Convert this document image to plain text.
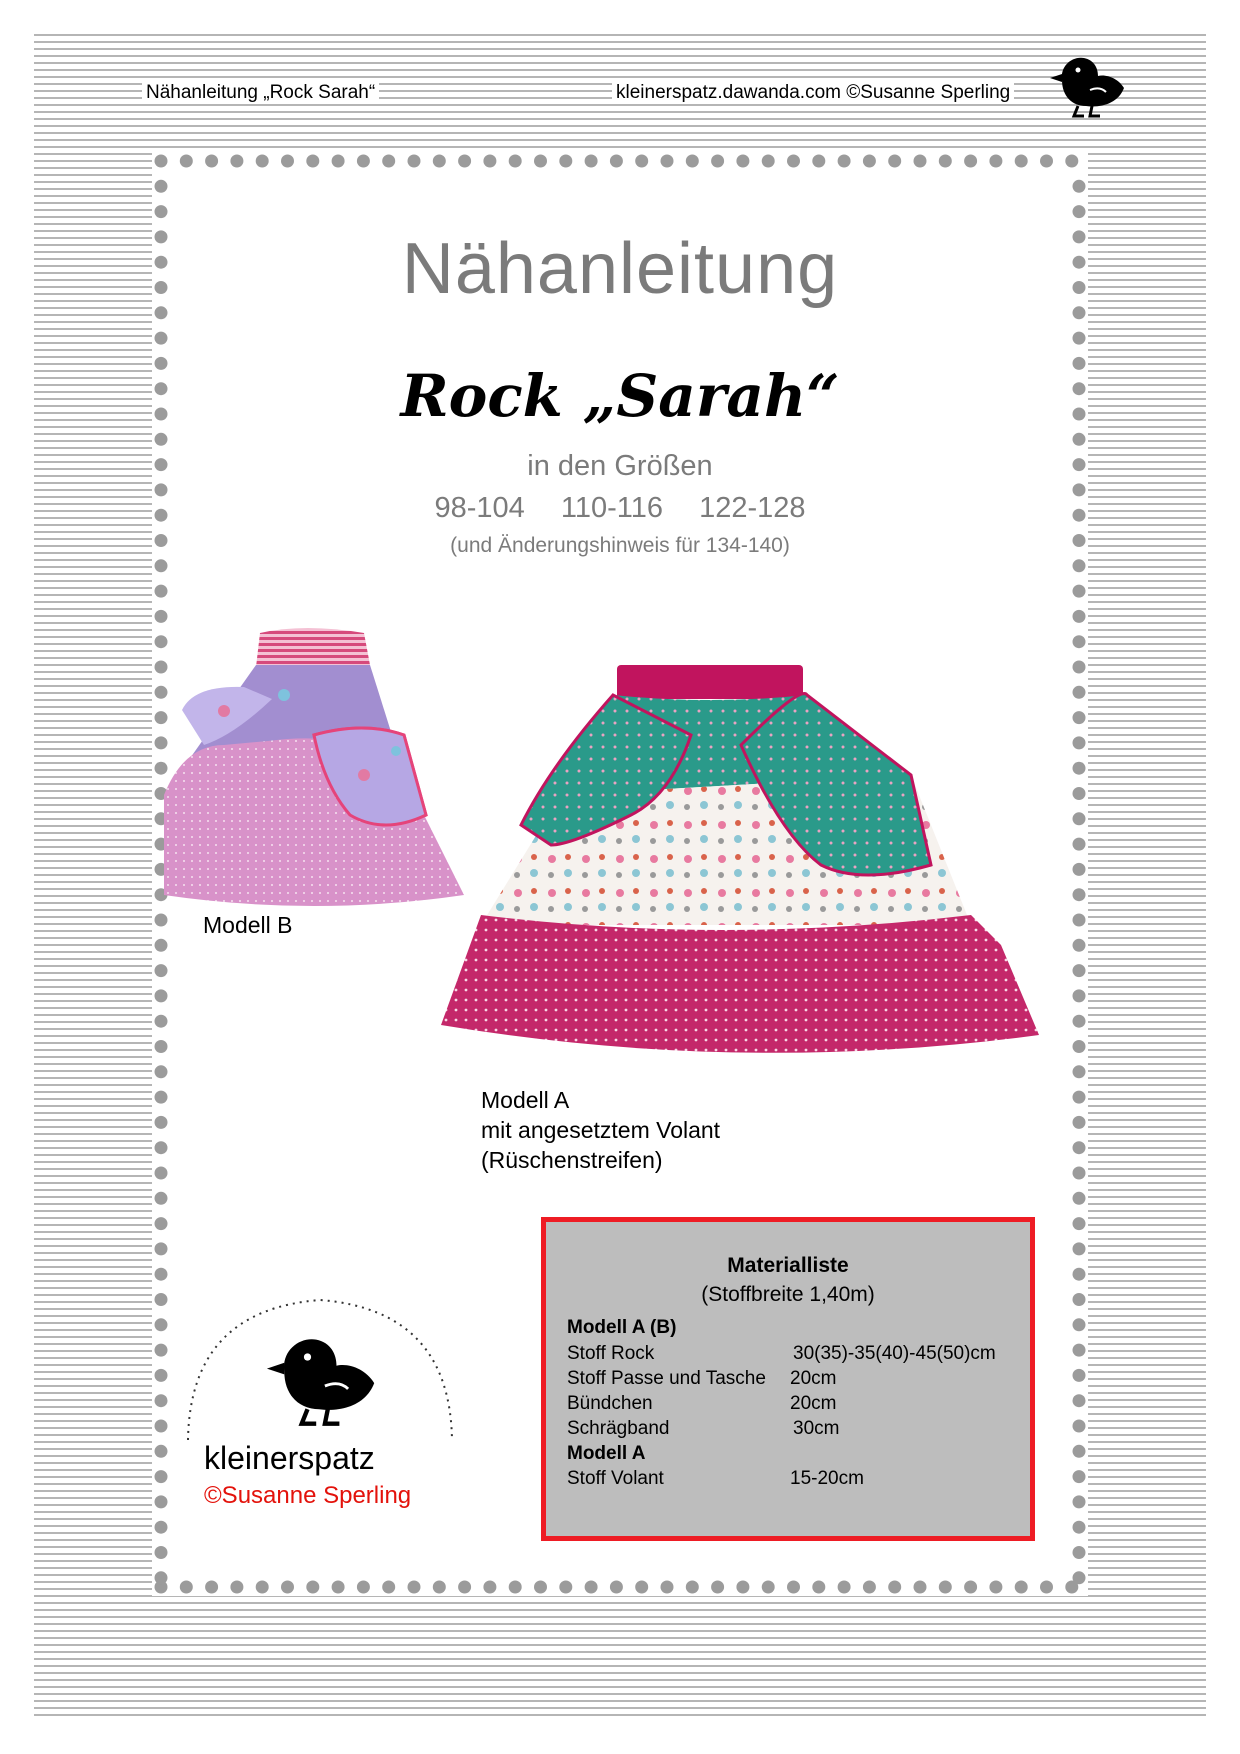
Nähanleitung „Rock Sarah“	kleinerspatz.dawanda.com ©Susanne Sperling
Nähanleitung
Rock „Sarah“
in den Größen
98-104 110-116 122-128
(und Änderungshinweis für 134-140)
Modell B
Modell A
mit angesetztem Volant
(Rüschenstreifen)
kleinerspatz
©Susanne Sperling
Materialliste
(Stoffbreite 1,40m)
Modell A (B)
Stoff Rock	30(35)-35(40)-45(50)cm
Stoff Passe und Tasche 20cm
Bündchen	20cm
Schrägband	30cm
Modell A
Stoff Volant	15-20cm
